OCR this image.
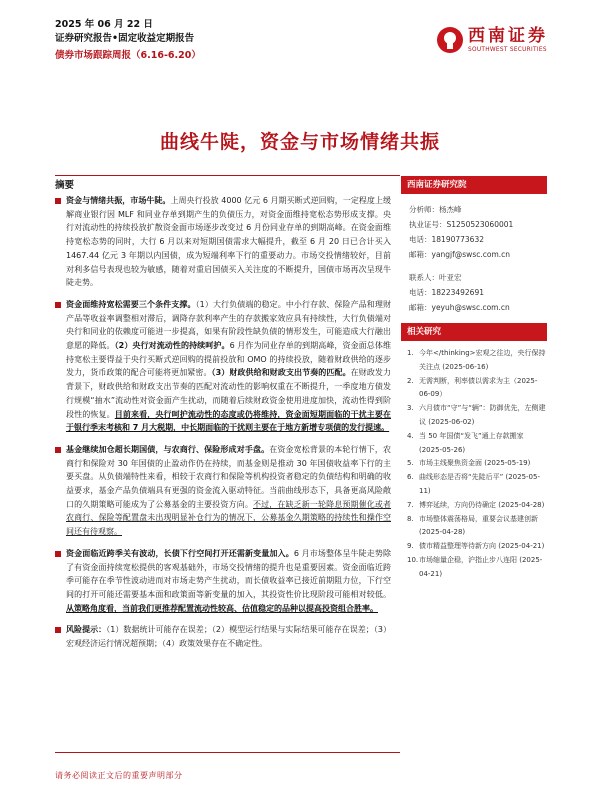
2025 年 06 月 22 日
证券研究报告•固定收益定期报告
债券市场跟踪周报（6.16-6.20）
西南证券
SOUTHWEST SECURITIES
曲线牛陡，资金与市场情绪共振
摘要
资金与情绪共振，市场牛陡。上周央行投放 4000 亿元 6 月期买断式逆回购，一定程度上缓解商业银行因 MLF 和同业存单到期产生的负债压力，对资金面维持宽松态势形成支撑。央行对流动性的持续投放扩散资金面市场逐步改变过 6 月份同业存单的到期高峰。在资金面维持宽松态势的同时，大行 6 月以来对短期国债需求大幅提升，截至 6 月 20 日已合计买入 1467.44 亿元 3 年期以内国债，成为短端利率下行的重要动力。市场交投情绪较好，目前对利多信号表现也较为敏感，随着对重启国债买入关注度的不断提升，国债市场再次呈现牛陡走势。
资金面维持宽松需要三个条件支撑。（1）大行负债端的稳定。中小行存款、保险产品和理财产品等收益率调整相对滞后，调降存款利率产生的存款搬家效应具有持续性，大行负债端对央行和同业的依赖度可能进一步提高，如果有阶段性缺负债的情形发生，可能造成大行融出意愿的降低。（2）央行对流动性的持续呵护。6 月作为同业存单的到期高峰，资金面总体维持宽松主要得益于央行买断式逆回购的提前投放和 OMO 的持续投放，随着财政供给的逐步发力，货币政策的配合可能将更加紧密。（3）财政供给和财政支出节奏的匹配。在财政发力背景下，财政供给和财政支出节奏的匹配对流动性的影响权重在不断提升，一季度地方债发行规模“抽水”流动性对资金面产生扰动，而随着后续财政资金使用进度加快，流动性得到阶段性的恢复。目前来看，央行呵护流动性的态度或仍将维持，资金面短期面临的干扰主要在于银行季末考核和 7 月大税期，中长期面临的干扰则主要在于地方新增专项债的发行提速。
基金继续加仓超长期国债，与农商行、保险形成对手盘。在资金宽松背景的本轮行情下，农商行和保险对 30 年国债的止盈动作仍在持续，而基金则是推动 30 年国债收益率下行的主要买盘。从负债端特性来看，相较于农商行和保险等机构投资者稳定的负债结构和明确的收益要求，基金产品负债端具有更强的资金流入驱动特征。当前曲线形态下，具备更高风险敞口的久期策略可能成为了公募基金的主要投资方向。不过，在缺乏新一轮降息预期催化或者农商行、保险等配置盘未出现明显补仓行为的情况下，公募基金久期策略的持续性和操作空间还有待观察。
资金面临近跨季关有波动，长债下行空间打开还需新变量加入。6 月市场整体呈牛陡走势除了有资金面持续宽松提供的客观基础外，市场交投情绪的提升也是重要因素。资金面临近跨季可能存在季节性波动进而对市场走势产生扰动，而长债收益率已接近前期阻力位，下行空间的打开可能还需要基本面和政策面等新变量的加入，其投资性价比现阶段可能相对较低。从策略角度看，当前我们更推荐配置流动性较高、估值稳定的品种以提高投资组合胜率。
风险提示：（1）数据统计可能存在误差；（2）模型运行结果与实际结果可能存在误差；（3）宏观经济运行情况超预期；（4）政策效果存在不确定性。
西南证券研究院
分析师：杨杰峰
执业证号：S1250523060001
电话：18190773632
邮箱：yangjf@swsc.com.cn
联系人：叶亚宏
电话：18223492691
邮箱：yeyuh@swsc.com.cn
相关研究
1. 今年</thinking>宏观之往边，央行保持关注点 (2025-06-16)
2. 无需判断，利率债以需求为主（2025-06-09）
3. 六月债市“守”与“辆”：防御优先，左侧建议 (2025-06-02)
4. 当 50 年国债“发飞”通上存款搬家 (2025-05-26)
5. 市场主线聚焦资金面 (2025-05-19)
6. 曲线形态是否将“先陡后平” (2025-05-11)
7. 博弈延续，方向仍待确定 (2025-04-28)
8. 市场整体震荡格局，重要会议基建创新 (2025-04-28)
9. 债市精益整理等待新方向 (2025-04-21)
10. 市场缩量企稳，沪指止步八连阳 (2025-04-21)
请务必阅读正文后的重要声明部分
